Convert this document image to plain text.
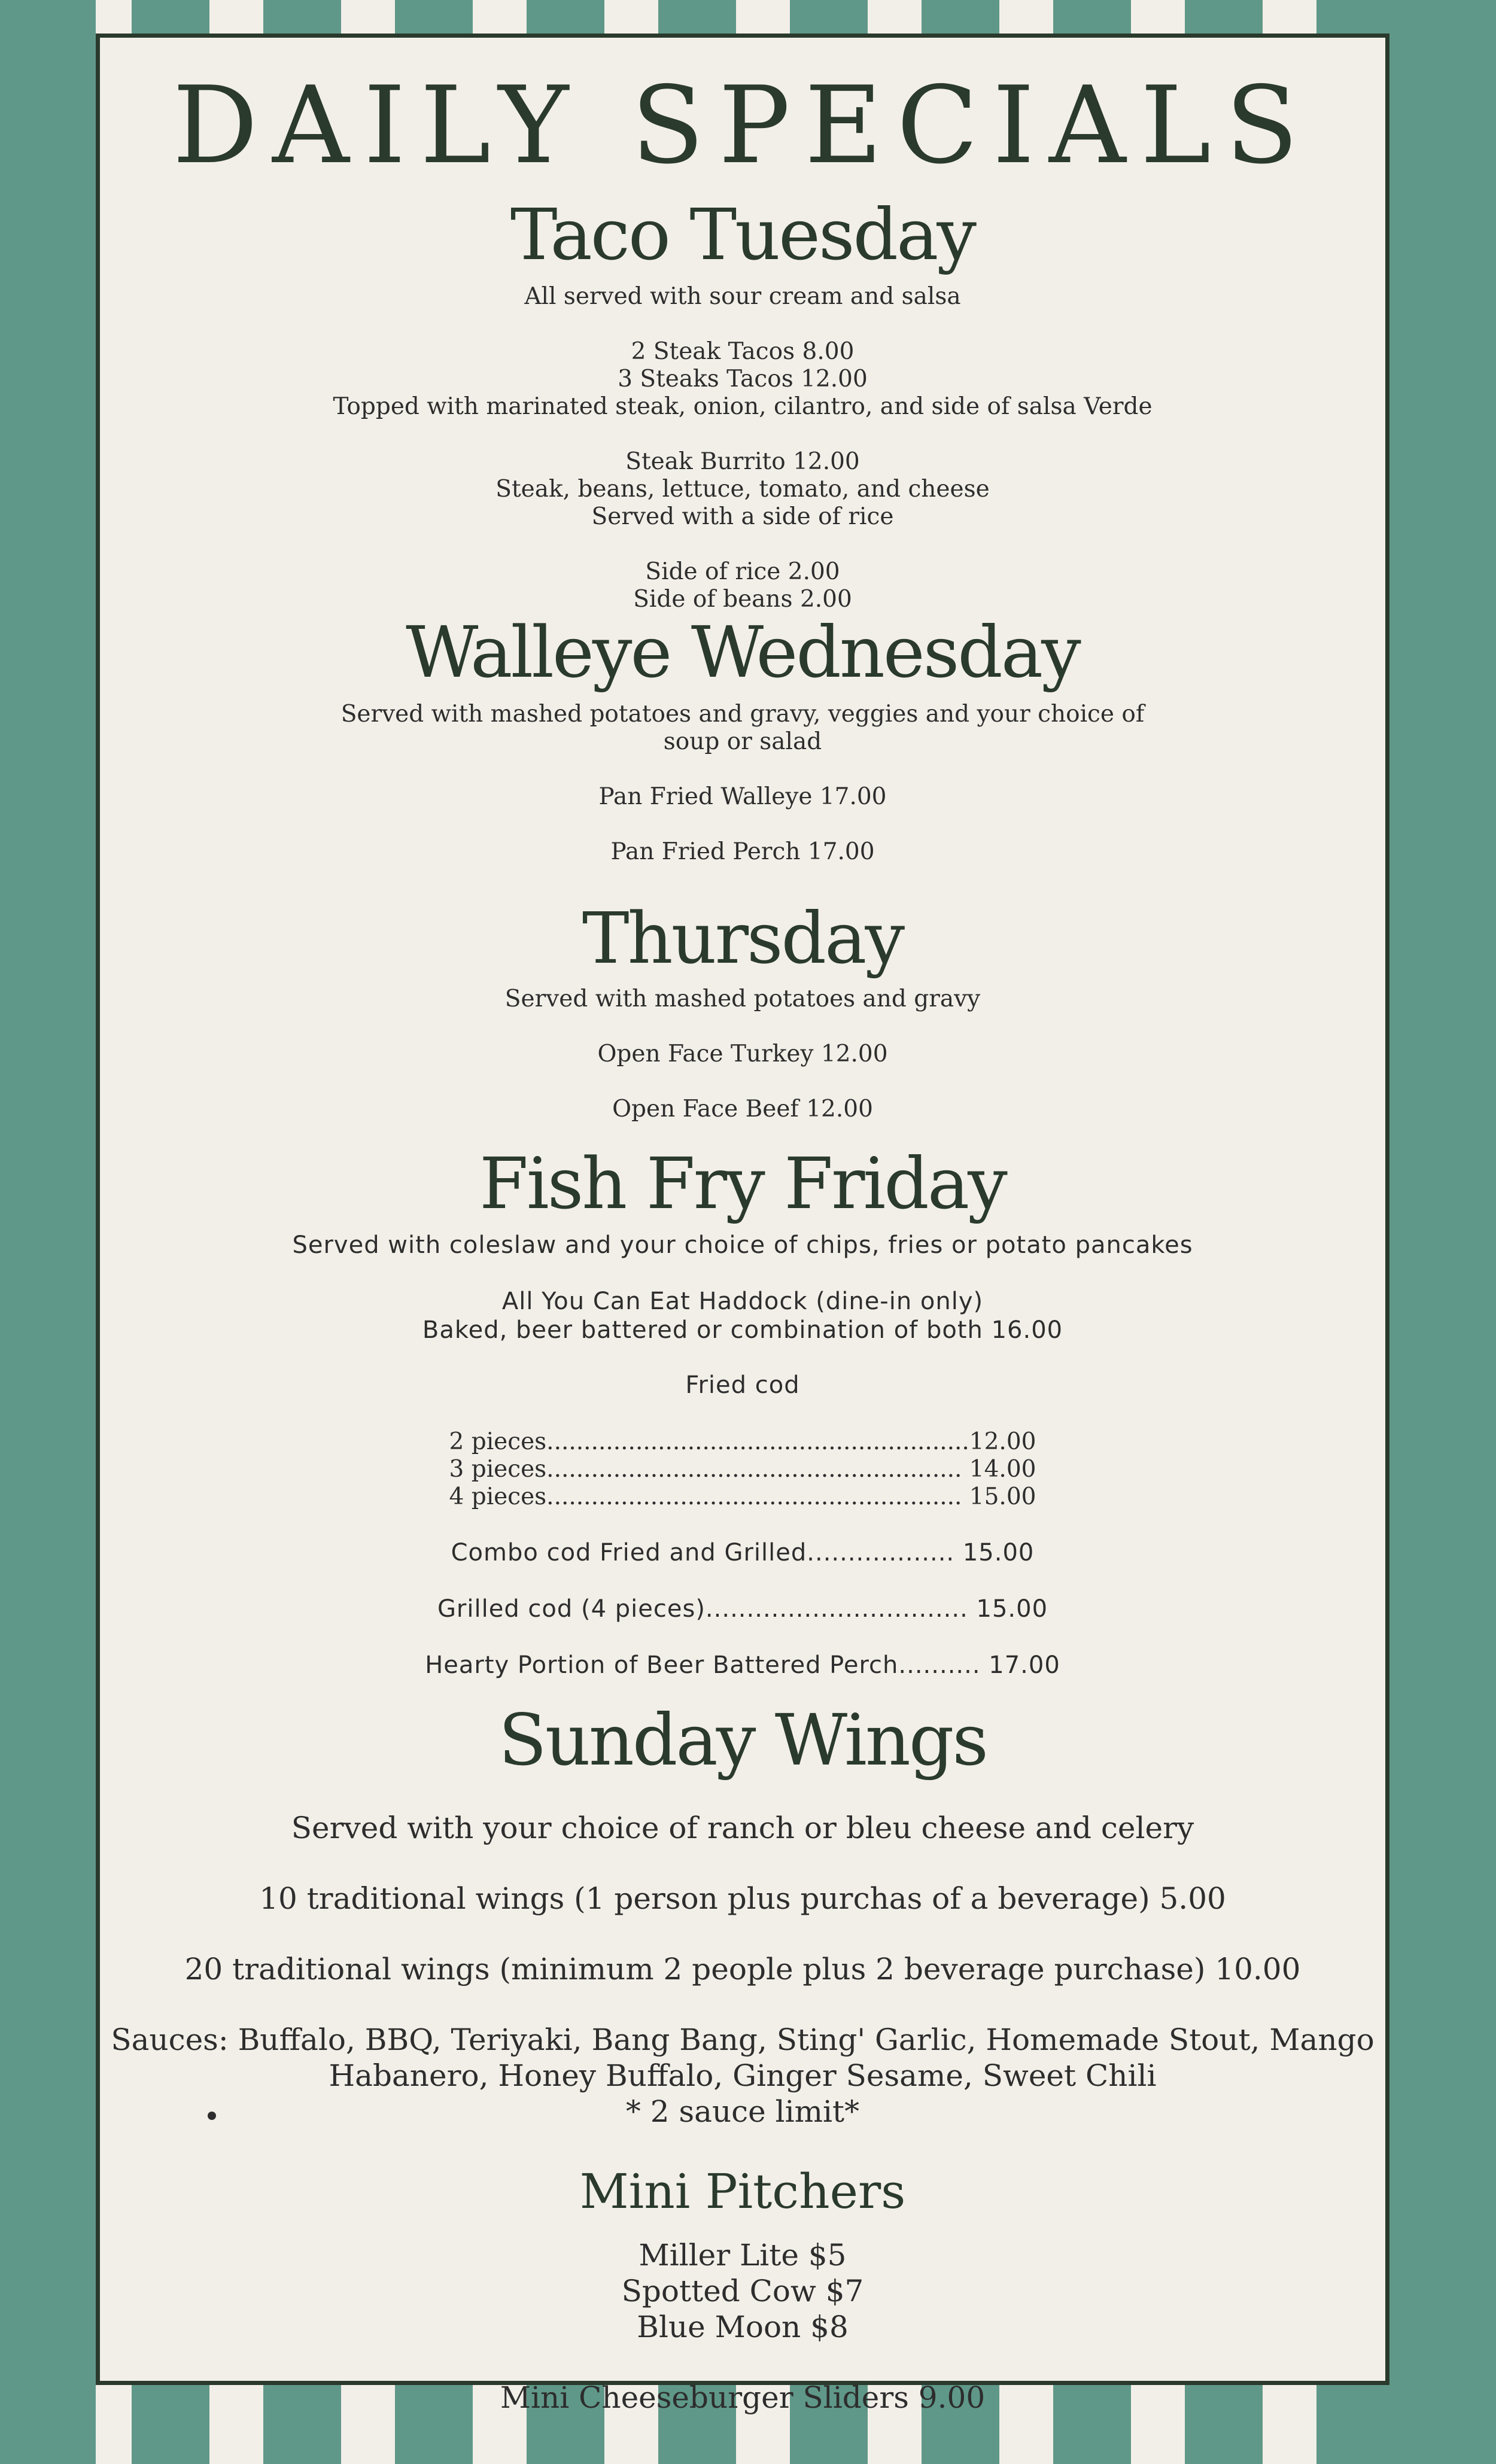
DAILY SPECIALS
Taco Tuesday
All served with sour cream and salsa
2 Steak Tacos 8.00
3 Steaks Tacos 12.00
Topped with marinated steak, onion, cilantro, and side of salsa Verde
Steak Burrito 12.00
Steak, beans, lettuce, tomato, and cheese
Served with a side of rice
Side of rice 2.00
Side of beans 2.00
Walleye Wednesday
Served with mashed potatoes and gravy, veggies and your choice of
soup or salad
Pan Fried Walleye 17.00
Pan Fried Perch 17.00
Thursday
Served with mashed potatoes and gravy
Open Face Turkey 12.00
Open Face Beef 12.00
Fish Fry Friday
Served with coleslaw and your choice of chips, fries or potato pancakes
All You Can Eat Haddock (dine-in only)
Baked, beer battered or combination of both 16.00
Fried cod
2 pieces.........................................................12.00
3 pieces........................................................ 14.00
4 pieces........................................................ 15.00
Combo cod Fried and Grilled.................. 15.00
Grilled cod (4 pieces)................................ 15.00
Hearty Portion of Beer Battered Perch.......... 17.00
Sunday Wings
Served with your choice of ranch or bleu cheese and celery
10 traditional wings (1 person plus purchas of a beverage) 5.00
20 traditional wings (minimum 2 people plus 2 beverage purchase) 10.00
Sauces: Buffalo, BBQ, Teriyaki, Bang Bang, Sting' Garlic, Homemade Stout, Mango
Habanero, Honey Buffalo, Ginger Sesame, Sweet Chili
* 2 sauce limit*
Mini Pitchers
Miller Lite $5
Spotted Cow $7
Blue Moon $8
Mini Cheeseburger Sliders 9.00
